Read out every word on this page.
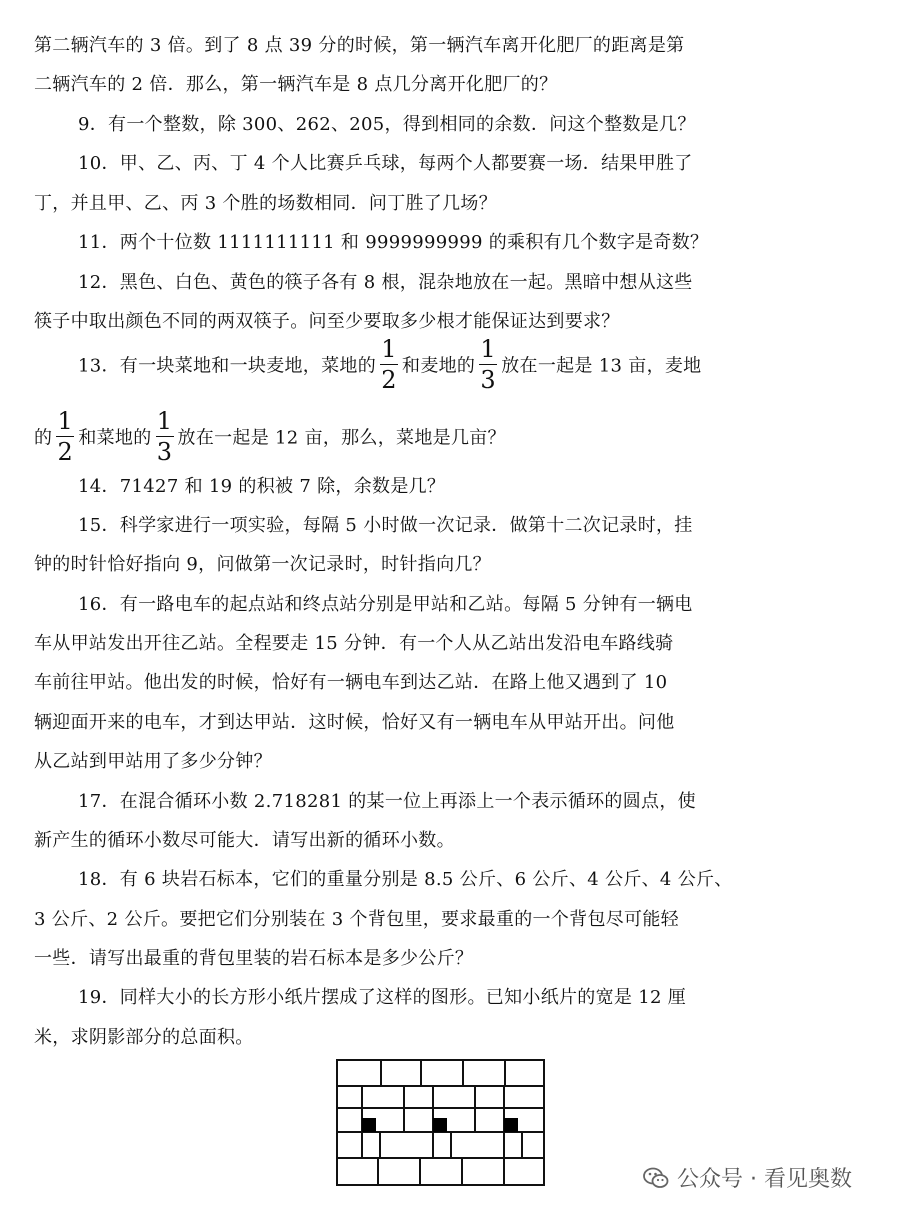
第二辆汽车的 3 倍。到了 8 点 39 分的时候，第一辆汽车离开化肥厂的距离是第
二辆汽车的 2 倍．那么，第一辆汽车是 8 点几分离开化肥厂的？
9．有一个整数，除 300、262、205，得到相同的余数．问这个整数是几？
10．甲、乙、丙、丁 4 个人比赛乒乓球，每两个人都要赛一场．结果甲胜了
丁，并且甲、乙、丙 3 个胜的场数相同．问丁胜了几场？
11．两个十位数 1111111111 和 9999999999 的乘积有几个数字是奇数？
12．黑色、白色、黄色的筷子各有 8 根，混杂地放在一起。黑暗中想从这些
筷子中取出颜色不同的两双筷子。问至少要取多少根才能保证达到要求？
13．有一块菜地和一块麦地，菜地的 $\frac{1}{2}$ 和麦地的 $\frac{1}{3}$ 放在一起是 13 亩，麦地
的 $\frac{1}{2}$ 和菜地的 $\frac{1}{3}$ 放在一起是 12 亩，那么，菜地是几亩？
14．71427 和 19 的积被 7 除，余数是几？
15．科学家进行一项实验，每隔 5 小时做一次记录．做第十二次记录时，挂
钟的时针恰好指向 9，问做第一次记录时，时针指向几？
16．有一路电车的起点站和终点站分别是甲站和乙站。每隔 5 分钟有一辆电
车从甲站发出开往乙站。全程要走 15 分钟．有一个人从乙站出发沿电车路线骑
车前往甲站。他出发的时候，恰好有一辆电车到达乙站．在路上他又遇到了 10
辆迎面开来的电车，才到达甲站．这时候，恰好又有一辆电车从甲站开出。问他
从乙站到甲站用了多少分钟？
17．在混合循环小数 2.718281 的某一位上再添上一个表示循环的圆点，使
新产生的循环小数尽可能大．请写出新的循环小数。
18．有 6 块岩石标本，它们的重量分别是 8.5 公斤、6 公斤、4 公斤、4 公斤、
3 公斤、2 公斤。要把它们分别装在 3 个背包里，要求最重的一个背包尽可能轻
一些．请写出最重的背包里装的岩石标本是多少公斤？
19．同样大小的长方形小纸片摆成了这样的图形。已知小纸片的宽是 12 厘
米，求阴影部分的总面积。
公众号 · 看见奥数
